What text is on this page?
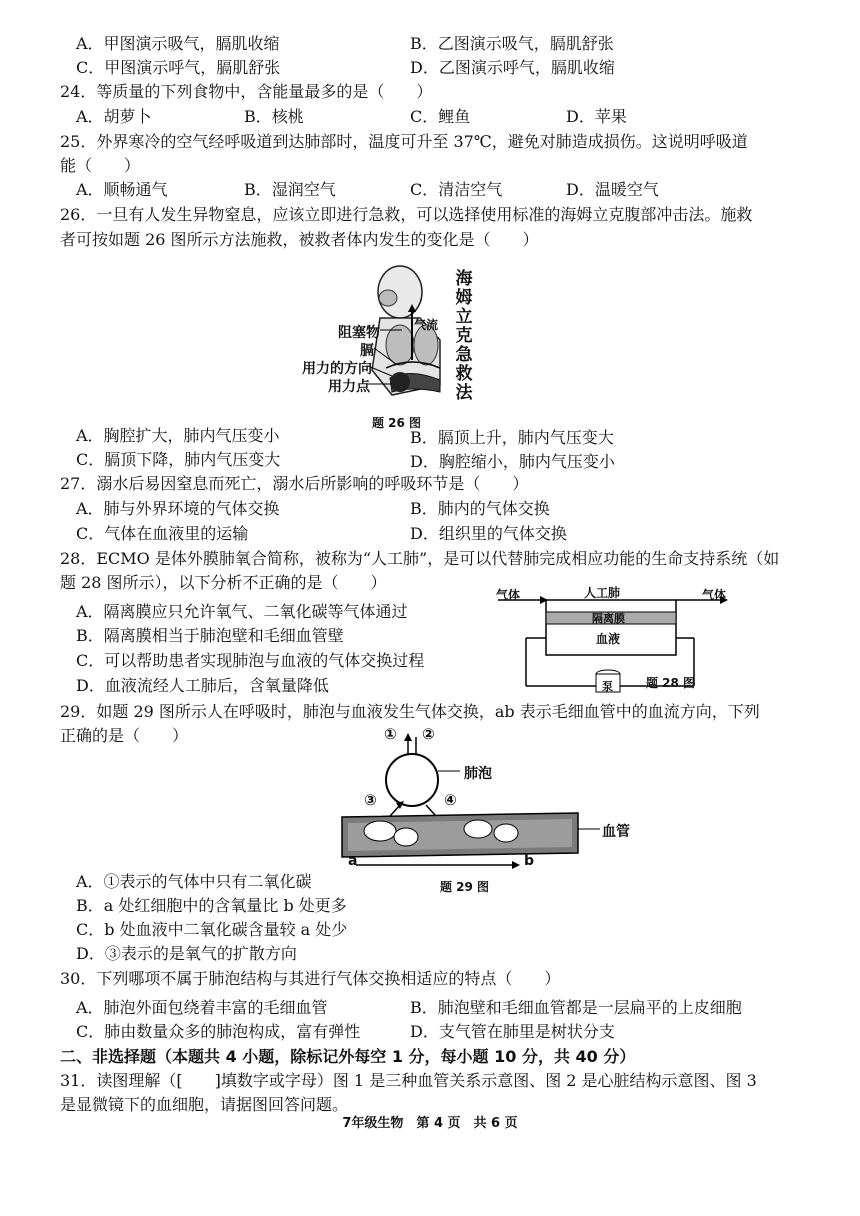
A．甲图演示吸气，膈肌收缩	B．乙图演示吸气，膈肌舒张
C．甲图演示呼气，膈肌舒张	D．乙图演示呼气，膈肌收缩
24．等质量的下列食物中，含能量最多的是（　　）
A．胡萝卜	B．核桃	C．鲤鱼	D．苹果
25．外界寒冷的空气经呼吸道到达肺部时，温度可升至 37℃，避免对肺造成损伤。这说明呼吸道
能（　　）
A．顺畅通气	B．湿润空气	C．清洁空气	D．温暖空气
26．一旦有人发生异物窒息，应该立即进行急救，可以选择使用标准的海姆立克腹部冲击法。施救
者可按如题 26 图所示方法施救，被救者体内发生的变化是（　　）
阻塞物
膈
用力的方向
用力点
气流
海
姆
立
克
急
救
法
题 26 图
A．胸腔扩大，肺内气压变小	B．膈顶上升，肺内气压变大
C．膈顶下降，肺内气压变大	D．胸腔缩小，肺内气压变小
27．溺水后易因窒息而死亡，溺水后所影响的呼吸环节是（　　）
A．肺与外界环境的气体交换	B．肺内的气体交换
C．气体在血液里的运输	D．组织里的气体交换
28．ECMO 是体外膜肺氧合简称，被称为“人工肺”，是可以代替肺完成相应功能的生命支持系统（如
题 28 图所示），以下分析不正确的是（　　）
A．隔离膜应只允许氧气、二氧化碳等气体通过
B．隔离膜相当于肺泡壁和毛细血管壁
C．可以帮助患者实现肺泡与血液的气体交换过程
D．血液流经人工肺后，含氧量降低
人工肺
气体	气体
隔离膜
血液
泵	题 28 图
29．如题 29 图所示人在呼吸时，肺泡与血液发生气体交换，ab 表示毛细血管中的血流方向，下列
正确的是（　　）	① ②
③	④
肺泡
血管
a	b
题 29 图
A．①表示的气体中只有二氧化碳
B．a 处红细胞中的含氧量比 b 处更多
C．b 处血液中二氧化碳含量较 a 处少
D．③表示的是氧气的扩散方向
30．下列哪项不属于肺泡结构与其进行气体交换相适应的特点（　　）
A．肺泡外面包绕着丰富的毛细血管	B．肺泡壁和毛细血管都是一层扁平的上皮细胞
C．肺由数量众多的肺泡构成，富有弹性	D．支气管在肺里是树状分支
二、非选择题（本题共 4 小题，除标记外每空 1 分，每小题 10 分，共 40 分）
31．读图理解（[　　]填数字或字母）图 1 是三种血管关系示意图、图 2 是心脏结构示意图、图 3
是显微镜下的血细胞，请据图回答问题。
7年级生物　第 4 页　共 6 页
